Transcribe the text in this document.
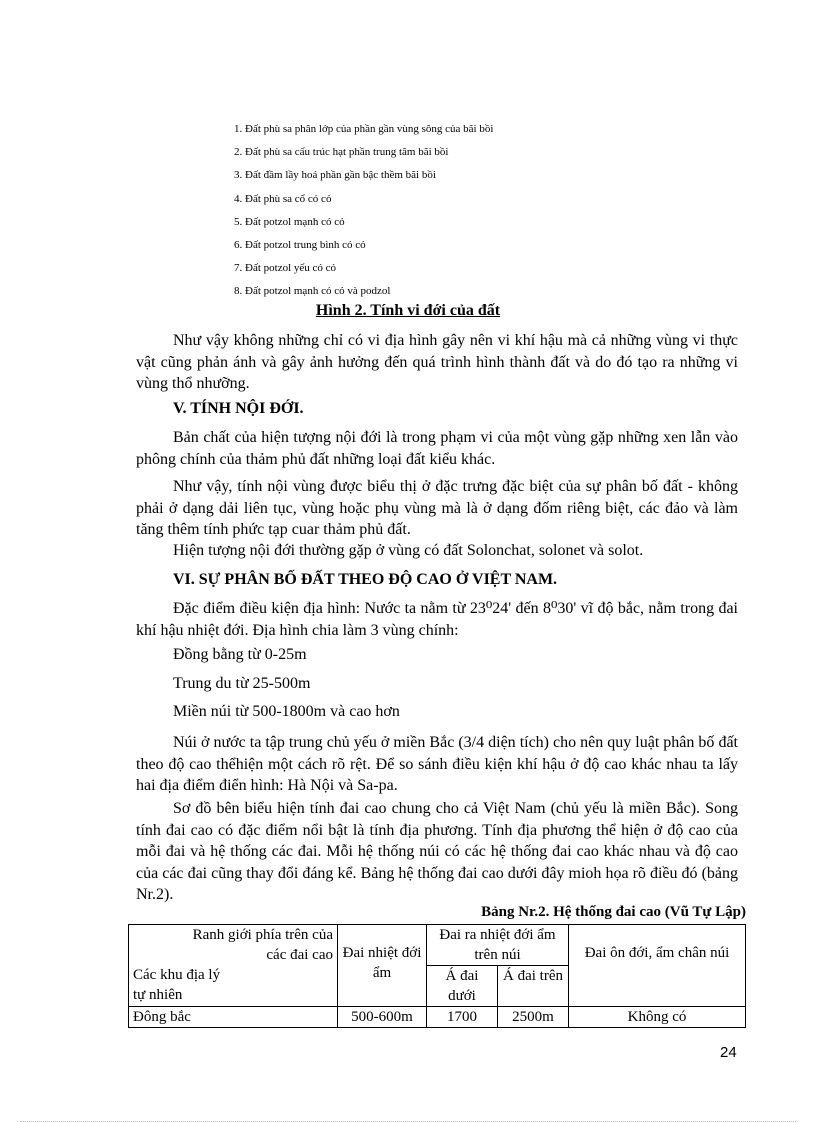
1. Đất phù sa phân lớp của phần gần vùng sông của bãi bồi
2. Đất phù sa cấu trúc hạt phần trung tâm bãi bồi
3. Đất đầm lầy hoá phần gần bậc thềm bãi bồi
4. Đất phù sa cổ có cỏ
5. Đất potzol mạnh có cỏ
6. Đất potzol trung bình có cỏ
7. Đất potzol yếu có cỏ
8. Đất potzol mạnh có cỏ và podzol
Hình 2. Tính vi đới của đất
Như vậy không những chỉ có vi địa hình gây nên vi khí hậu mà cả những vùng vi thực vật cũng phản ánh và gây ảnh hưởng đến quá trình hình thành đất và do đó tạo ra những vi vùng thổ nhưỡng.
V. TÍNH NỘI ĐỚI.
Bản chất của hiện tượng nội đới là trong phạm vi của một vùng gặp những xen lẫn vào phông chính của thảm phủ đất những loại đất kiểu khác.
Như vậy, tính nội vùng được biểu thị ở đặc trưng đặc biệt của sự phân bố đất - không phải ở dạng dải liên tục, vùng hoặc phụ vùng mà là ở dạng đốm riêng biệt, các đảo và làm tăng thêm tính phức tạp cuar thảm phủ đất.
Hiện tượng nội đới thường gặp ở vùng có đất Solonchat, solonet và solot.
VI. SỰ PHÂN BỐ ĐẤT THEO ĐỘ CAO Ở VIỆT NAM.
Đặc điểm điều kiện địa hình: Nước ta nằm từ 23⁰24' đến 8⁰30' vĩ độ bắc, nằm trong đai khí hậu nhiệt đới. Địa hình chia làm 3 vùng chính:
Đồng bằng từ 0-25m
Trung du từ 25-500m
Miền núi từ 500-1800m và cao hơn
Núi ở nước ta tập trung chủ yếu ở miền Bắc (3/4 diện tích) cho nên quy luật phân bố đất theo độ cao thểhiện một cách rõ rệt. Để so sánh điều kiện khí hậu ở độ cao khác nhau ta lấy hai địa điểm điển hình: Hà Nội và Sa-pa.
Sơ đồ bên biểu hiện tính đai cao chung cho cả Việt Nam (chủ yếu là miền Bắc). Song tính đai cao có đặc điểm nổi bật là tính địa phương. Tính địa phương thể hiện ở độ cao của mỗi đai và hệ thống các đai. Mỗi hệ thống núi có các hệ thống đai cao khác nhau và độ cao của các đai cũng thay đổi đáng kể. Bảng hệ thống đai cao dưới đây mioh họa rõ điều đó (bảng Nr.2).
Bảng Nr.2. Hệ thống đai cao (Vũ Tự Lập)
Ranh giới phía trên của
các đai cao
Các khu địa lý
tự nhiên	Đai nhiệt đới ẩm	Đai ra nhiệt đới ẩm trên núi		Đai ôn đới, ẩm chân núi
		Á đai dưới	Á đai trên	
Đông bắc	500-600m	1700	2500m	Không có
24
